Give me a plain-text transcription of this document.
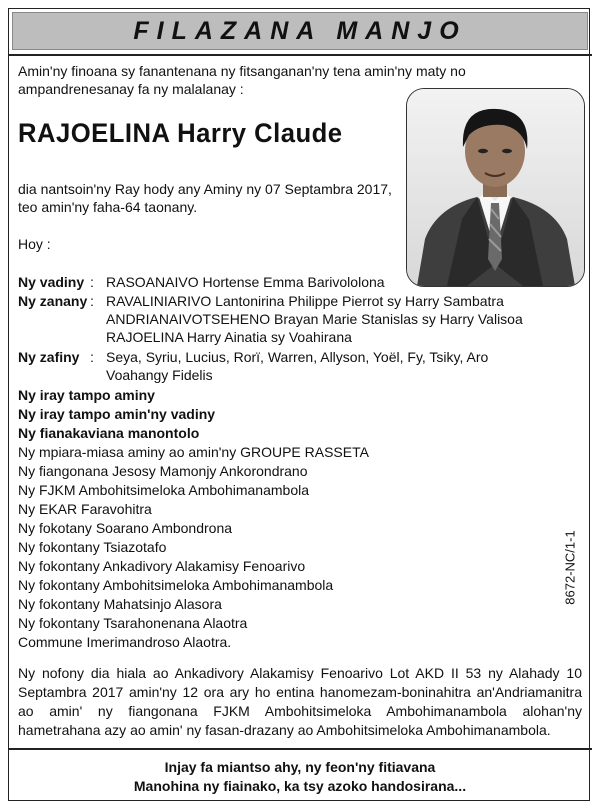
FILAZANA MANJO
Amin'ny finoana sy fanantenana ny fitsanganan'ny tena amin'ny maty no ampandrenesanay fa ny malalanay :
RAJOELINA Harry Claude
dia nantsoin'ny Ray hody any Aminy ny 07 Septambra 2017,
teo amin'ny faha-64 taonany.
Hoy :
Ny vadiny : RASOANAIVO Hortense Emma Barivololona
Ny zanany : RAVALINIARIVO Lantonirina Philippe Pierrot sy Harry Sambatra
ANDRIANAIVOTSEHENO Brayan Marie Stanislas sy Harry Valisoa
RAJOELINA Harry Ainatia sy Voahirana
Ny zafiny : Seya, Syriu, Lucius, Rorï, Warren, Allyson, Yoël, Fy, Tsiky, Aro
Voahangy Fidelis
Ny iray tampo aminy
Ny iray tampo amin'ny vadiny
Ny fianakaviana manontolo
Ny mpiara-miasa aminy ao amin'ny GROUPE RASSETA
Ny fiangonana Jesosy Mamonjy Ankorondrano
Ny FJKM Ambohitsimeloka Ambohimanambola
Ny EKAR Faravohitra
Ny fokotany Soarano Ambondrona
Ny fokontany Tsiazotafo
Ny fokontany Ankadivory Alakamisy Fenoarivo
Ny fokontany Ambohitsimeloka Ambohimanambola
Ny fokontany Mahatsinjo Alasora
Ny fokontany Tsarahonenana Alaotra
Commune Imerimandroso Alaotra.
8672-NC/1-1
Ny nofony dia hiala ao Ankadivory Alakamisy Fenoarivo Lot AKD II 53 ny Alahady 10 Septambra 2017 amin'ny 12 ora ary ho entina hanomezam-boninahitra an'Andriamanitra ao amin' ny fiangonana FJKM Ambohitsimeloka Ambohimanambola alohan'ny hametrahana azy ao amin' ny fasan-drazany ao Ambohitsimeloka Ambohimanambola.
Injay fa miantso ahy, ny feon'ny fitiavana
Manohina ny fiainako, ka tsy azoko handosirana...
